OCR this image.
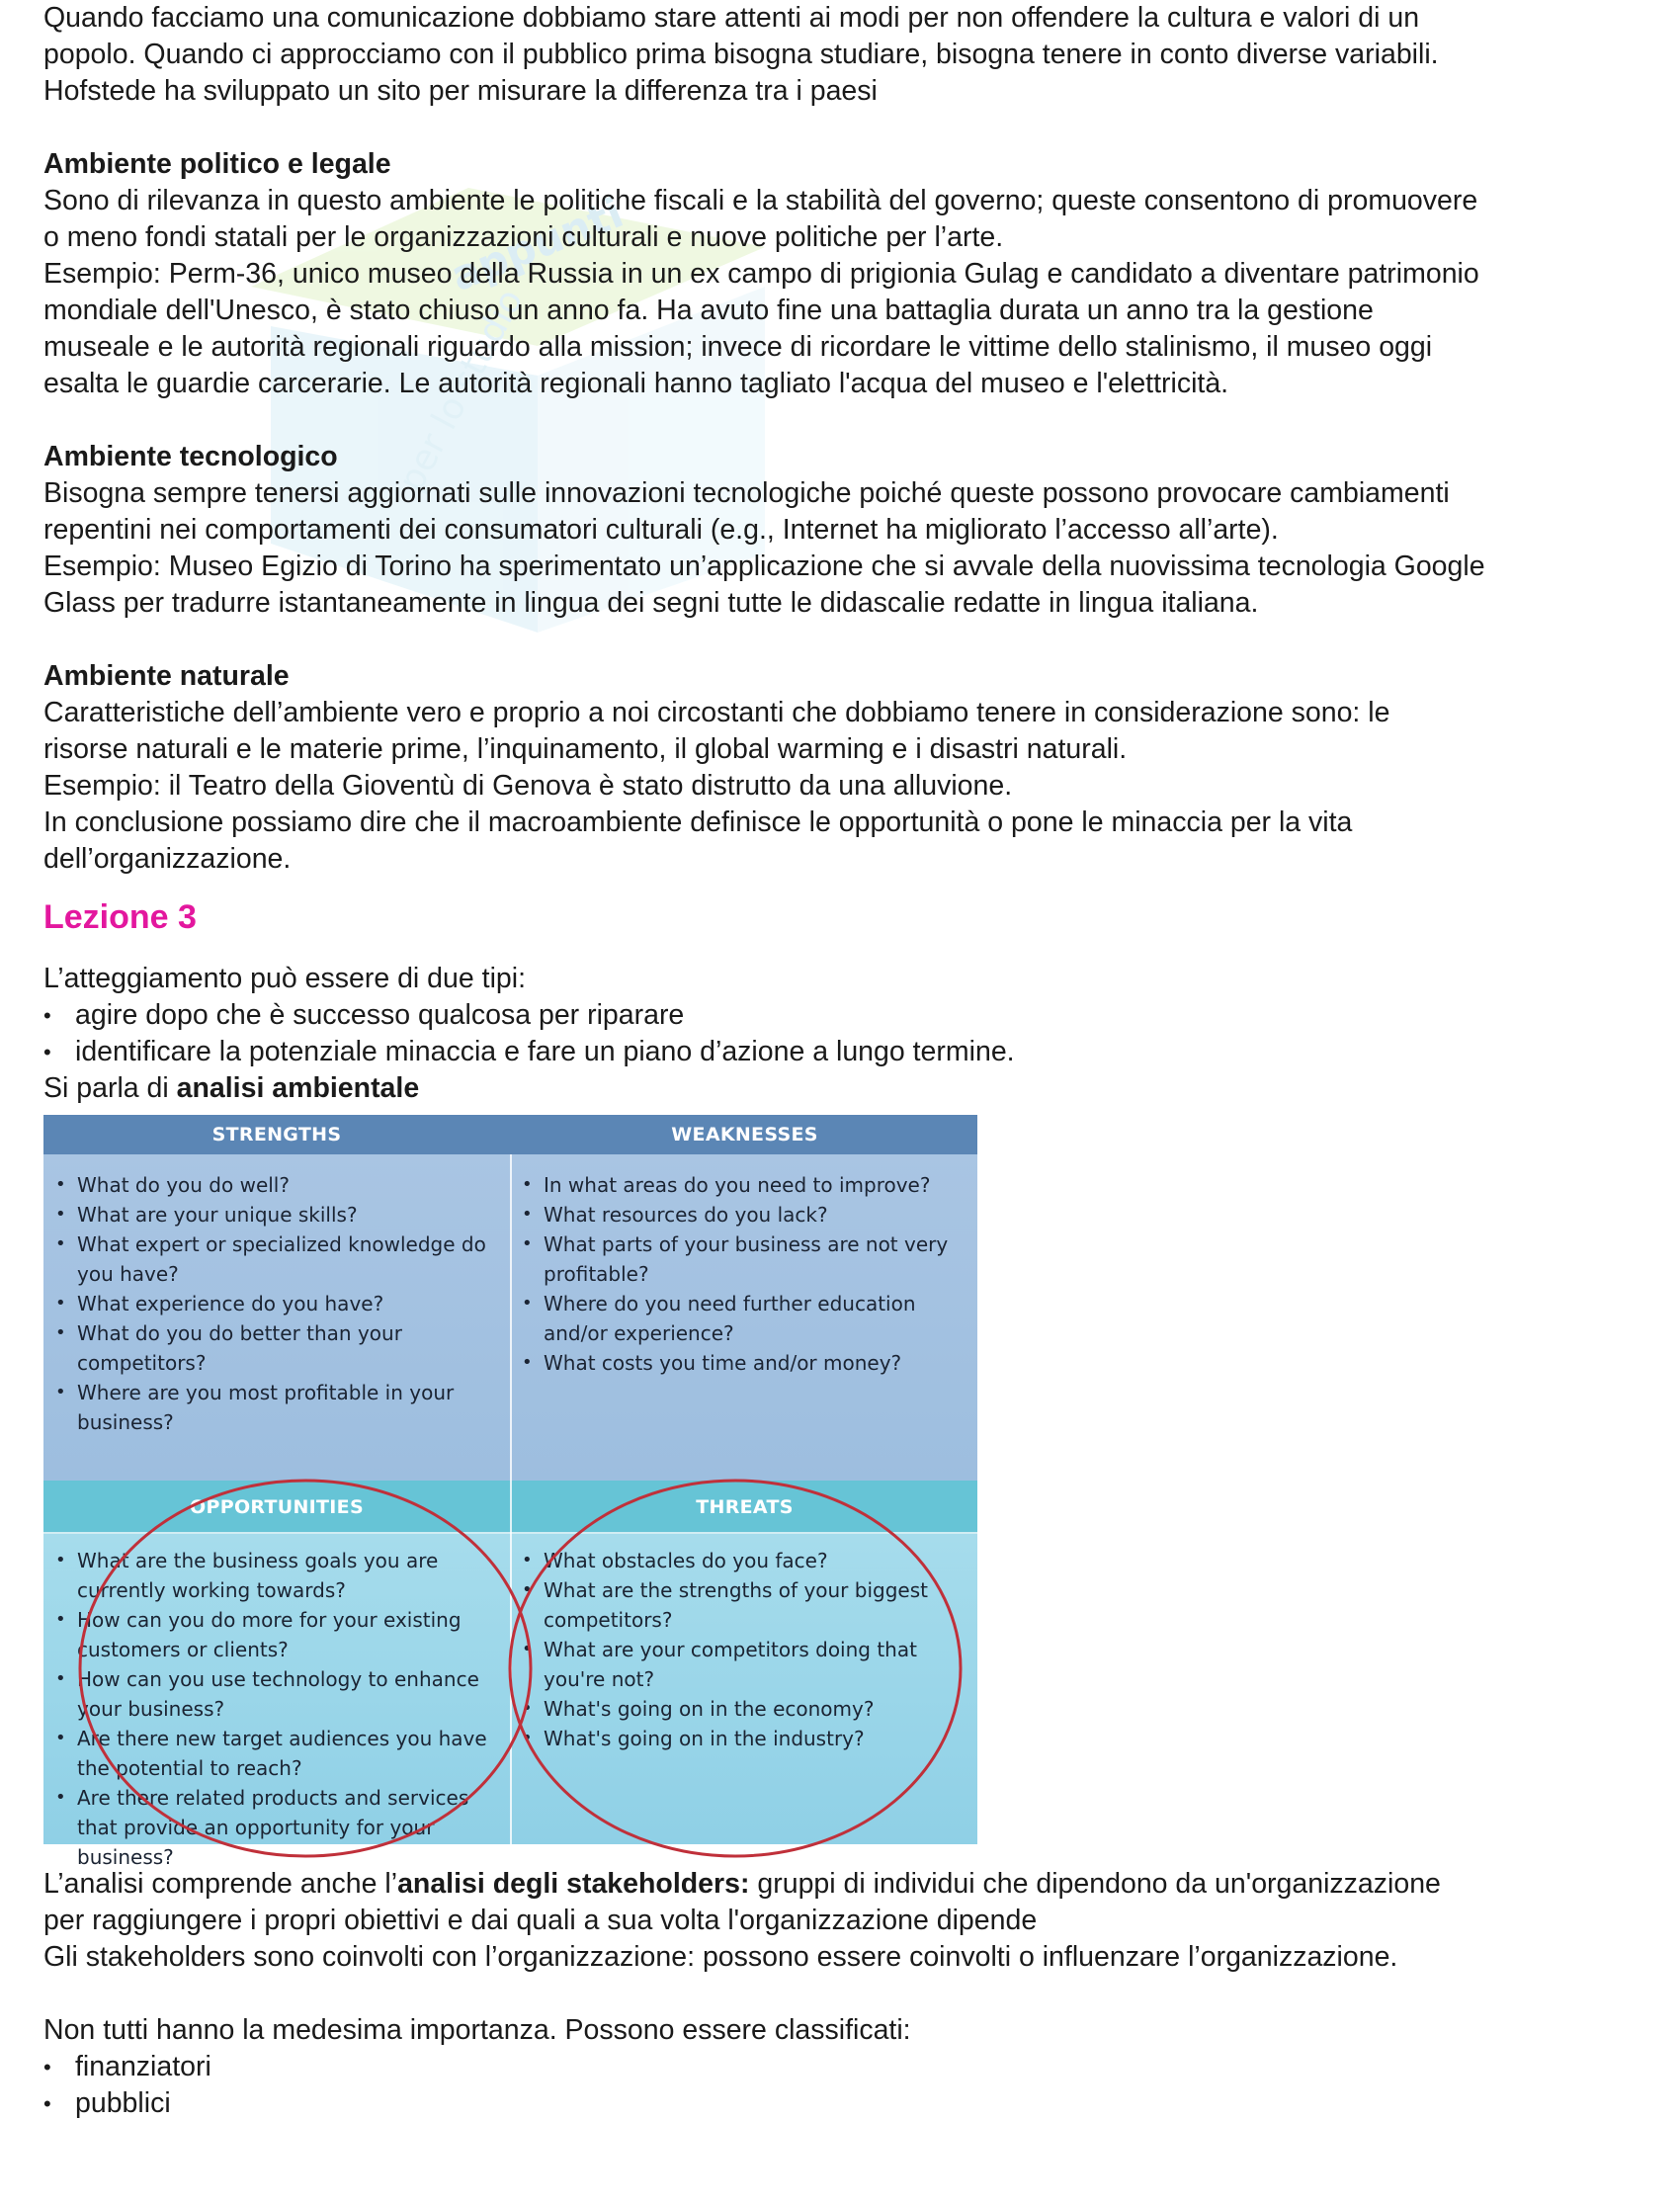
appunti
per lo studio

Quando facciamo una comunicazione dobbiamo stare attenti ai modi per non offendere la cultura e valori di un

popolo. Quando ci approcciamo con il pubblico prima bisogna studiare, bisogna tenere in conto diverse variabili.

Hofstede ha sviluppato un sito per misurare la differenza tra i paesi

Ambiente politico e legale

Sono di rilevanza in questo ambiente le politiche fiscali e la stabilità del governo; queste consentono di promuovere

o meno fondi statali per le organizzazioni culturali e nuove politiche per l’arte.

Esempio: Perm-36, unico museo della Russia in un ex campo di prigionia Gulag e candidato a diventare patrimonio

mondiale dell'Unesco, è stato chiuso un anno fa. Ha avuto fine una battaglia durata un anno tra la gestione

museale e le autorità regionali riguardo alla mission; invece di ricordare le vittime dello stalinismo, il museo oggi

esalta le guardie carcerarie. Le autorità regionali hanno tagliato l'acqua del museo e l'elettricità.

Ambiente tecnologico

Bisogna sempre tenersi aggiornati sulle innovazioni tecnologiche poiché queste possono provocare cambiamenti

repentini nei comportamenti dei consumatori culturali (e.g., Internet ha migliorato l’accesso all’arte).

Esempio: Museo Egizio di Torino ha sperimentato un’applicazione che si avvale della nuovissima tecnologia Google

Glass per tradurre istantaneamente in lingua dei segni tutte le didascalie redatte in lingua italiana.

Ambiente naturale

Caratteristiche dell’ambiente vero e proprio a noi circostanti che dobbiamo tenere in considerazione sono: le

risorse naturali e le materie prime, l’inquinamento, il global warming e i disastri naturali.

Esempio: il Teatro della Gioventù di Genova è stato distrutto da una alluvione.

In conclusione possiamo dire che il macroambiente definisce le opportunità o pone le minaccia per la vita

dell’organizzazione.

Lezione 3

L’atteggiamento può essere di due tipi:

• agire dopo che è successo qualcosa per riparare
• identificare la potenziale minaccia e fare un piano d’azione a lungo termine.

Si parla di analisi ambientale

STRENGTHS	WEAKNESSES
OPPORTUNITIES	THREATS
• What do you do well?
• What are your unique skills?
• What expert or specialized knowledge do you have?
• What experience do you have?
• What do you do better than your competitors?
• Where are you most profitable in your business?
• In what areas do you need to improve?
• What resources do you lack?
• What parts of your business are not very profitable?
• Where do you need further education and/or experience?
• What costs you time and/or money?
• What are the business goals you are currently working towards?
• How can you do more for your existing customers or clients?
• How can you use technology to enhance your business?
• Are there new target audiences you have the potential to reach?
• Are there related products and services that provide an opportunity for your business?
• What obstacles do you face?
• What are the strengths of your biggest competitors?
• What are your competitors doing that you're not?
• What's going on in the economy?
• What's going on in the industry?

L’analisi comprende anche l’analisi degli stakeholders: gruppi di individui che dipendono da un'organizzazione

per raggiungere i propri obiettivi e dai quali a sua volta l'organizzazione dipende

Gli stakeholders sono coinvolti con l’organizzazione: possono essere coinvolti o influenzare l’organizzazione.

Non tutti hanno la medesima importanza. Possono essere classificati:

• finanziatori
• pubblici
